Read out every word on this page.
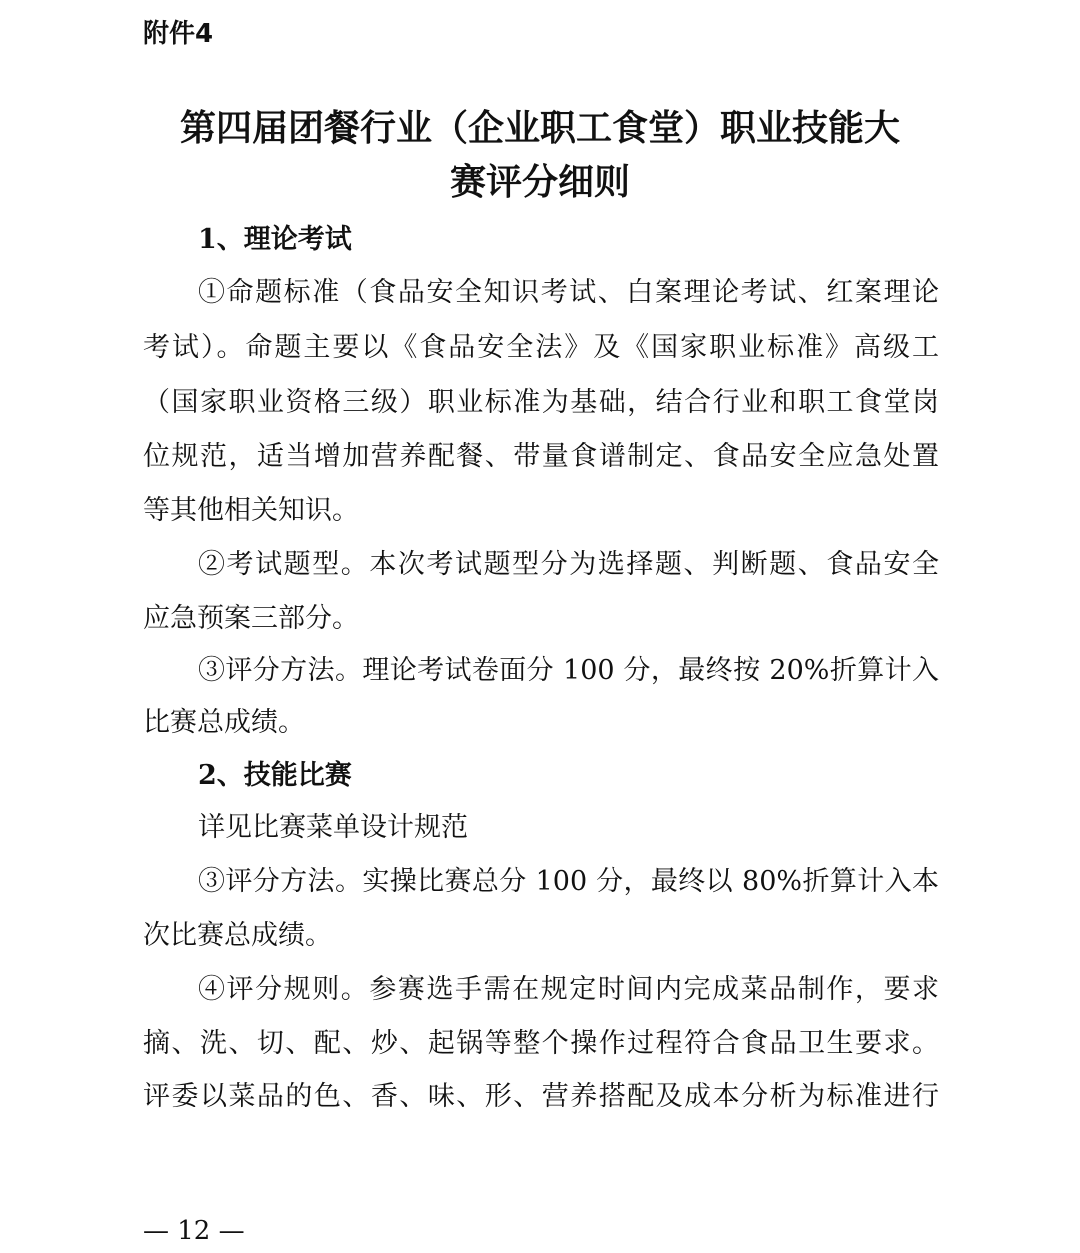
附件4
第四届团餐行业（企业职工食堂）职业技能大
赛评分细则
1、理论考试
①命题标准（食品安全知识考试、白案理论考试、红案理论
考试）。命题主要以《食品安全法》及《国家职业标准》高级工
（国家职业资格三级）职业标准为基础，结合行业和职工食堂岗
位规范，适当增加营养配餐、带量食谱制定、食品安全应急处置
等其他相关知识。
②考试题型。本次考试题型分为选择题、判断题、食品安全
应急预案三部分。
③评分方法。理论考试卷面分 100 分，最终按 20%折算计入
比赛总成绩。
2、技能比赛
详见比赛菜单设计规范
③评分方法。实操比赛总分 100 分，最终以 80%折算计入本
次比赛总成绩。
④评分规则。参赛选手需在规定时间内完成菜品制作，要求
摘、洗、切、配、炒、起锅等整个操作过程符合食品卫生要求。
评委以菜品的色、香、味、形、营养搭配及成本分析为标准进行
— 12 —
